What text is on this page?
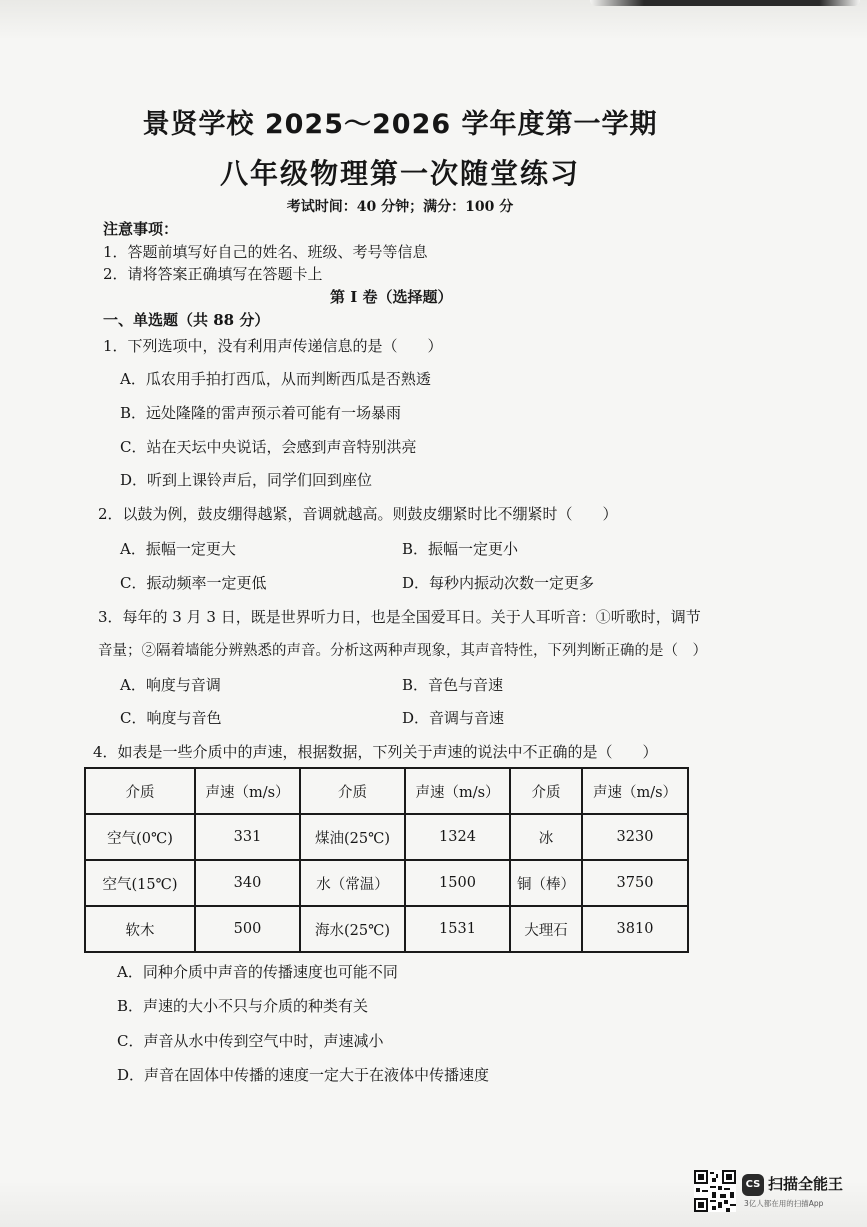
景贤学校 2025～2026 学年度第一学期
八年级物理第一次随堂练习
考试时间：40 分钟；满分：100 分
注意事项：
1．答题前填写好自己的姓名、班级、考号等信息
2．请将答案正确填写在答题卡上
第 I 卷（选择题）
一、单选题（共 88 分）
1．下列选项中，没有利用声传递信息的是（　　）
A．瓜农用手拍打西瓜，从而判断西瓜是否熟透
B．远处隆隆的雷声预示着可能有一场暴雨
C．站在天坛中央说话，会感到声音特别洪亮
D．听到上课铃声后，同学们回到座位
2．以鼓为例，鼓皮绷得越紧，音调就越高。则鼓皮绷紧时比不绷紧时（　　）
A．振幅一定更大	B．振幅一定更小
C．振动频率一定更低	D．每秒内振动次数一定更多
3．每年的 3 月 3 日，既是世界听力日，也是全国爱耳日。关于人耳听音：①听歌时，调节
音量；②隔着墙能分辨熟悉的声音。分析这两种声现象，其声音特性，下列判断正确的是（　）
A．响度与音调	B．音色与音速
C．响度与音色	D．音调与音速
4．如表是一些介质中的声速，根据数据，下列关于声速的说法中不正确的是（　　）
介质	声速（m/s）	介质	声速（m/s）	介质	声速（m/s）
空气(0℃)	331	煤油(25℃)	1324	冰	3230
空气(15℃)	340	水（常温）	1500	铜（棒）	3750
软木	500	海水(25℃)	1531	大理石	3810
A．同种介质中声音的传播速度也可能不同
B．声速的大小不只与介质的种类有关
C．声音从水中传到空气中时，声速减小
D．声音在固体中传播的速度一定大于在液体中传播速度
CS 扫描全能王
3亿人都在用的扫描App
